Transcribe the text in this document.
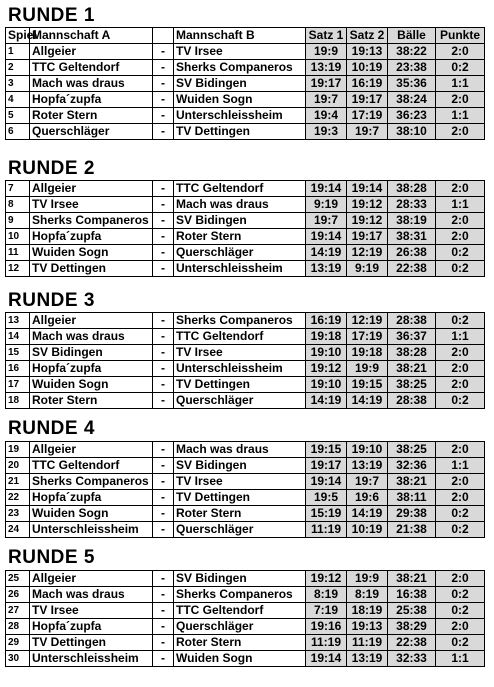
RUNDE 1
Spiel	Mannschaft A		Mannschaft B	Satz 1	Satz 2	Bälle	Punkte
1	Allgeier	-	TV Irsee	19:9	19:13	38:22	2:0
2	TTC Geltendorf	-	Sherks Companeros	13:19	10:19	23:38	0:2
3	Mach was draus	-	SV Bidingen	19:17	16:19	35:36	1:1
4	Hopfa´zupfa	-	Wuiden Sogn	19:7	19:17	38:24	2:0
5	Roter Stern	-	Unterschleissheim	19:4	17:19	36:23	1:1
6	Querschläger	-	TV Dettingen	19:3	19:7	38:10	2:0
RUNDE 2
7	Allgeier	-	TTC Geltendorf	19:14	19:14	38:28	2:0
8	TV Irsee	-	Mach was draus	9:19	19:12	28:33	1:1
9	Sherks Companeros	-	SV Bidingen	19:7	19:12	38:19	2:0
10	Hopfa´zupfa	-	Roter Stern	19:14	19:17	38:31	2:0
11	Wuiden Sogn	-	Querschläger	14:19	12:19	26:38	0:2
12	TV Dettingen	-	Unterschleissheim	13:19	9:19	22:38	0:2
RUNDE 3
13	Allgeier	-	Sherks Companeros	16:19	12:19	28:38	0:2
14	Mach was draus	-	TTC Geltendorf	19:18	17:19	36:37	1:1
15	SV Bidingen	-	TV Irsee	19:10	19:18	38:28	2:0
16	Hopfa´zupfa	-	Unterschleissheim	19:12	19:9	38:21	2:0
17	Wuiden Sogn	-	TV Dettingen	19:10	19:15	38:25	2:0
18	Roter Stern	-	Querschläger	14:19	14:19	28:38	0:2
RUNDE 4
19	Allgeier	-	Mach was draus	19:15	19:10	38:25	2:0
20	TTC Geltendorf	-	SV Bidingen	19:17	13:19	32:36	1:1
21	Sherks Companeros	-	TV Irsee	19:14	19:7	38:21	2:0
22	Hopfa´zupfa	-	TV Dettingen	19:5	19:6	38:11	2:0
23	Wuiden Sogn	-	Roter Stern	15:19	14:19	29:38	0:2
24	Unterschleissheim	-	Querschläger	11:19	10:19	21:38	0:2
RUNDE 5
25	Allgeier	-	SV Bidingen	19:12	19:9	38:21	2:0
26	Mach was draus	-	Sherks Companeros	8:19	8:19	16:38	0:2
27	TV Irsee	-	TTC Geltendorf	7:19	18:19	25:38	0:2
28	Hopfa´zupfa	-	Querschläger	19:16	19:13	38:29	2:0
29	TV Dettingen	-	Roter Stern	11:19	11:19	22:38	0:2
30	Unterschleissheim	-	Wuiden Sogn	19:14	13:19	32:33	1:1
